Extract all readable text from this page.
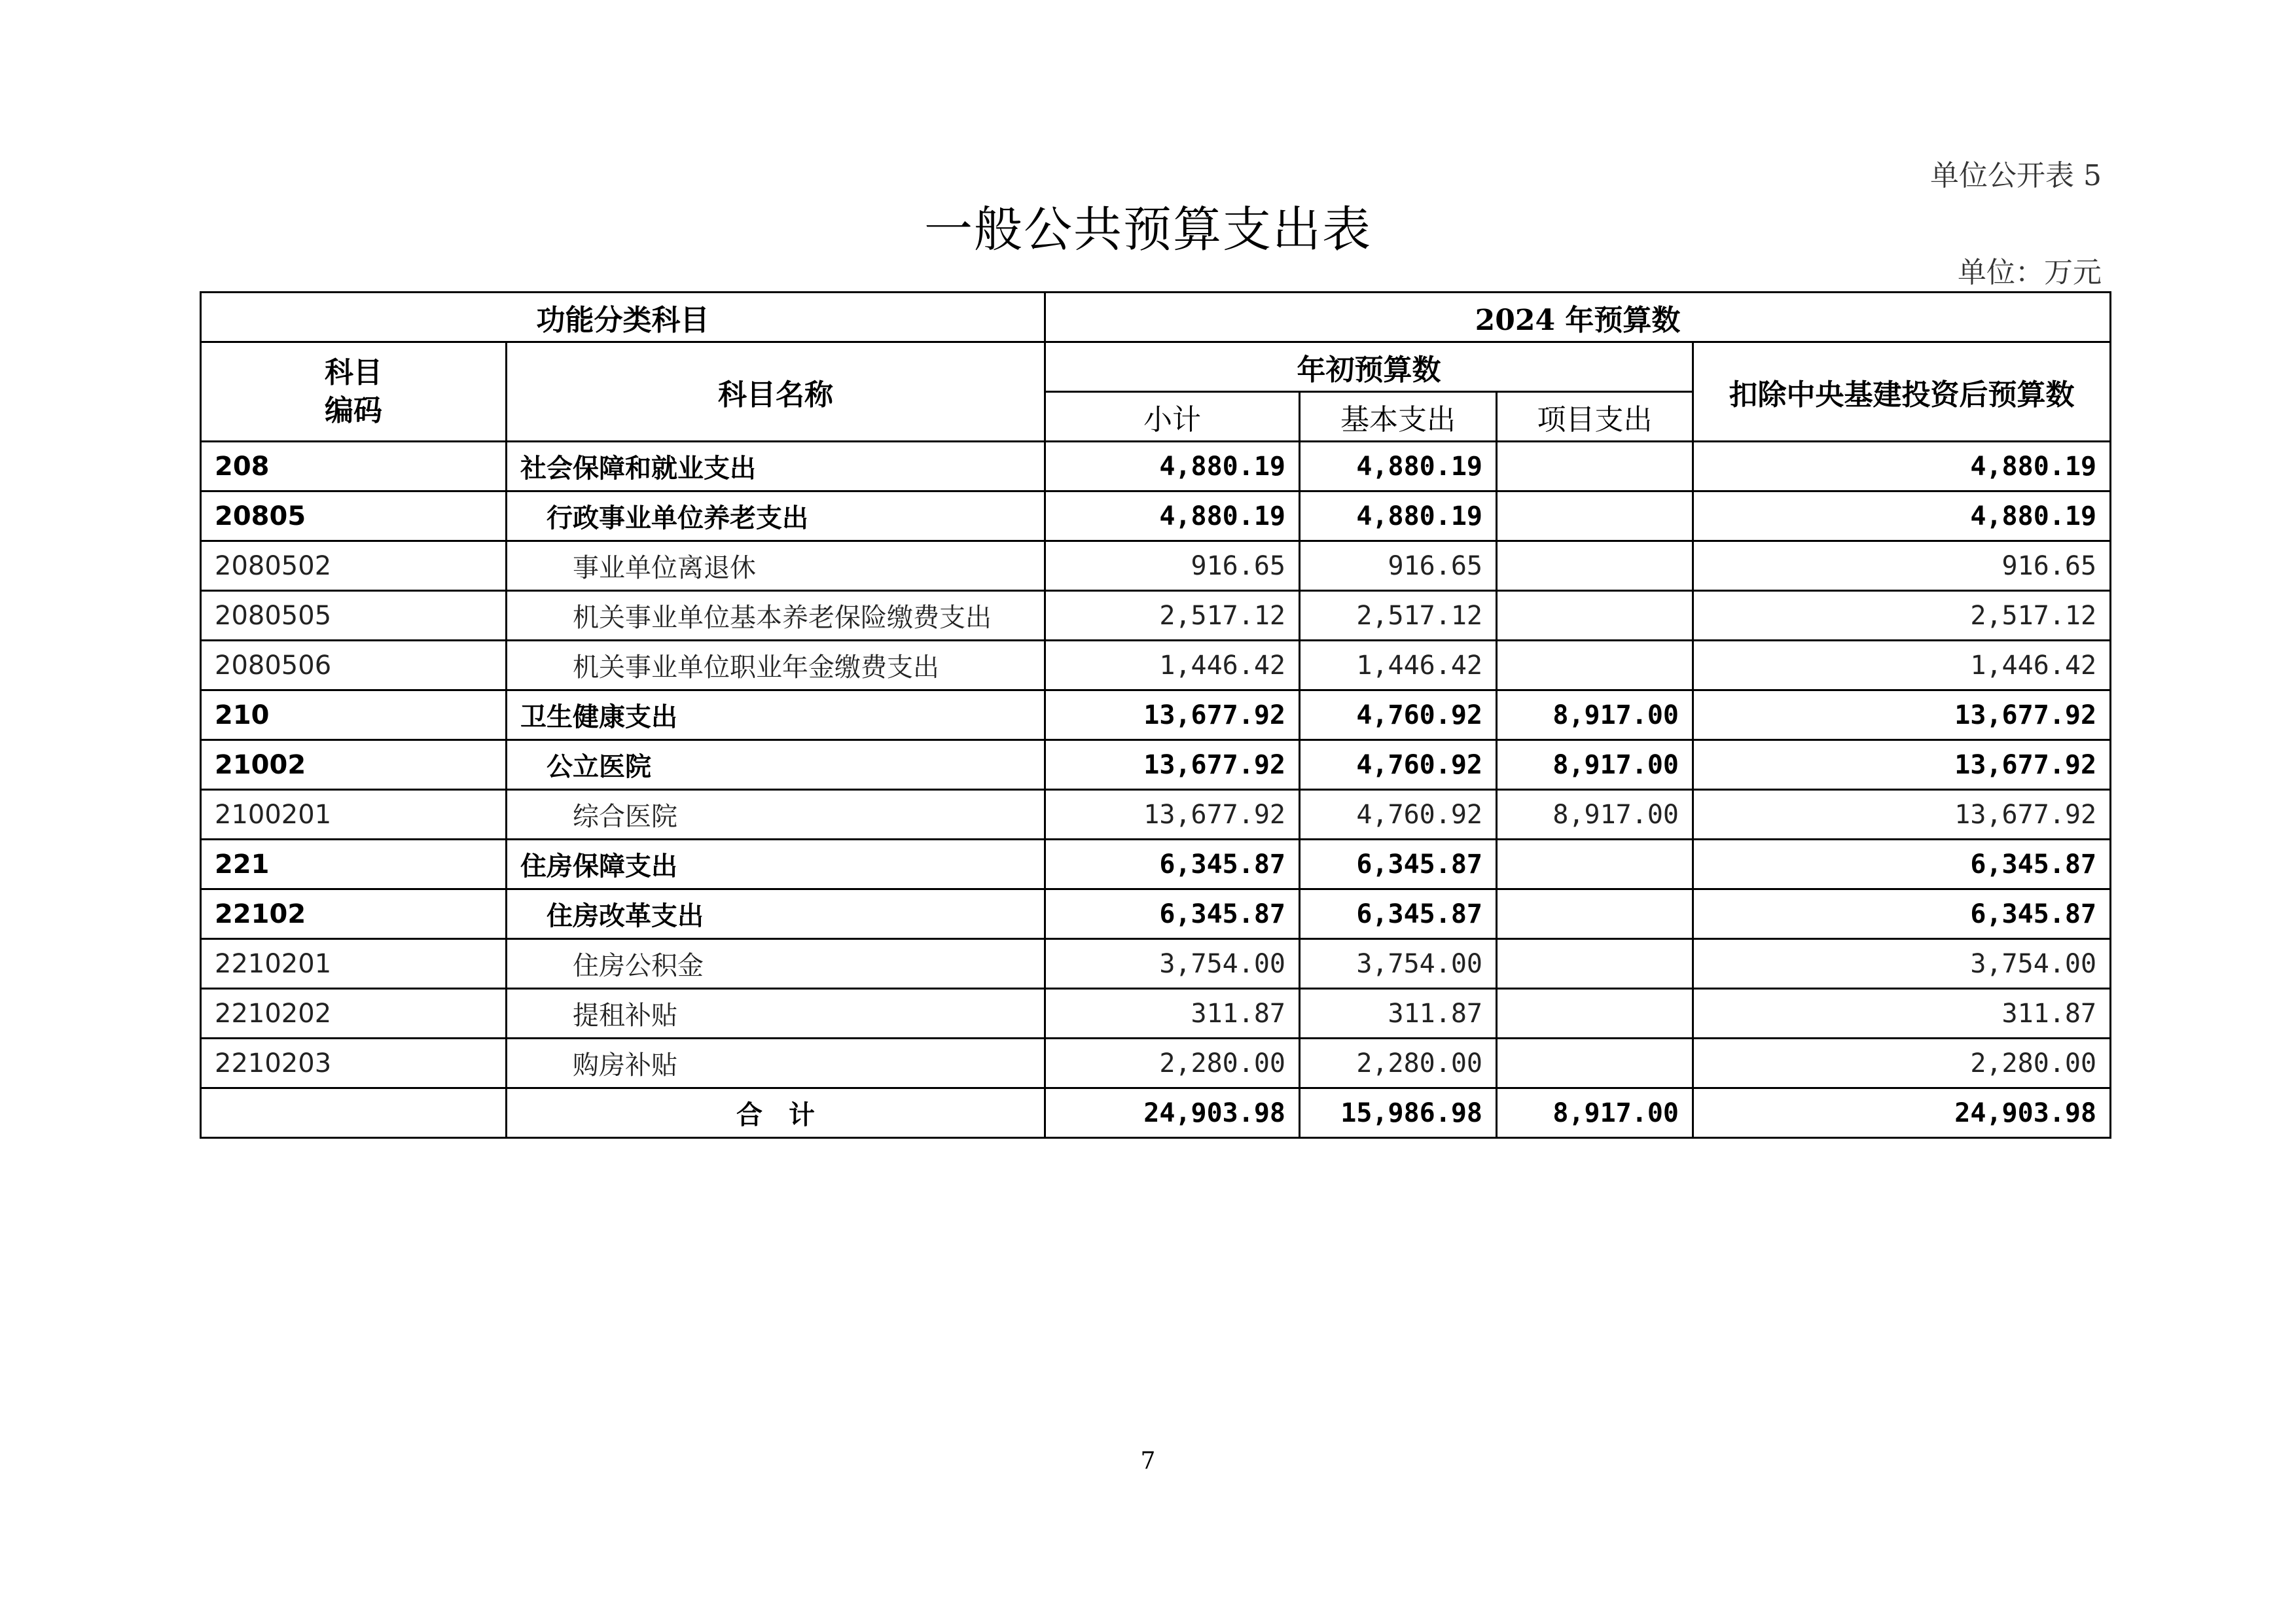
单位公开表 5
一般公共预算支出表
单位：万元
功能分类科目		2024 年预算数			
科目
编码	科目名称	年初预算数			扣除中央基建投资后预算数
		小计	基本支出	项目支出	
208	社会保障和就业支出	4,880.19	4,880.19		4,880.19
20805	行政事业单位养老支出	4,880.19	4,880.19		4,880.19
2080502	事业单位离退休	916.65	916.65		916.65
2080505	机关事业单位基本养老保险缴费支出	2,517.12	2,517.12		2,517.12
2080506	机关事业单位职业年金缴费支出	1,446.42	1,446.42		1,446.42
210	卫生健康支出	13,677.92	4,760.92	8,917.00	13,677.92
21002	公立医院	13,677.92	4,760.92	8,917.00	13,677.92
2100201	综合医院	13,677.92	4,760.92	8,917.00	13,677.92
221	住房保障支出	6,345.87	6,345.87		6,345.87
22102	住房改革支出	6,345.87	6,345.87		6,345.87
2210201	住房公积金	3,754.00	3,754.00		3,754.00
2210202	提租补贴	311.87	311.87		311.87
2210203	购房补贴	2,280.00	2,280.00		2,280.00
	合计	24,903.98	15,986.98	8,917.00	24,903.98
7
